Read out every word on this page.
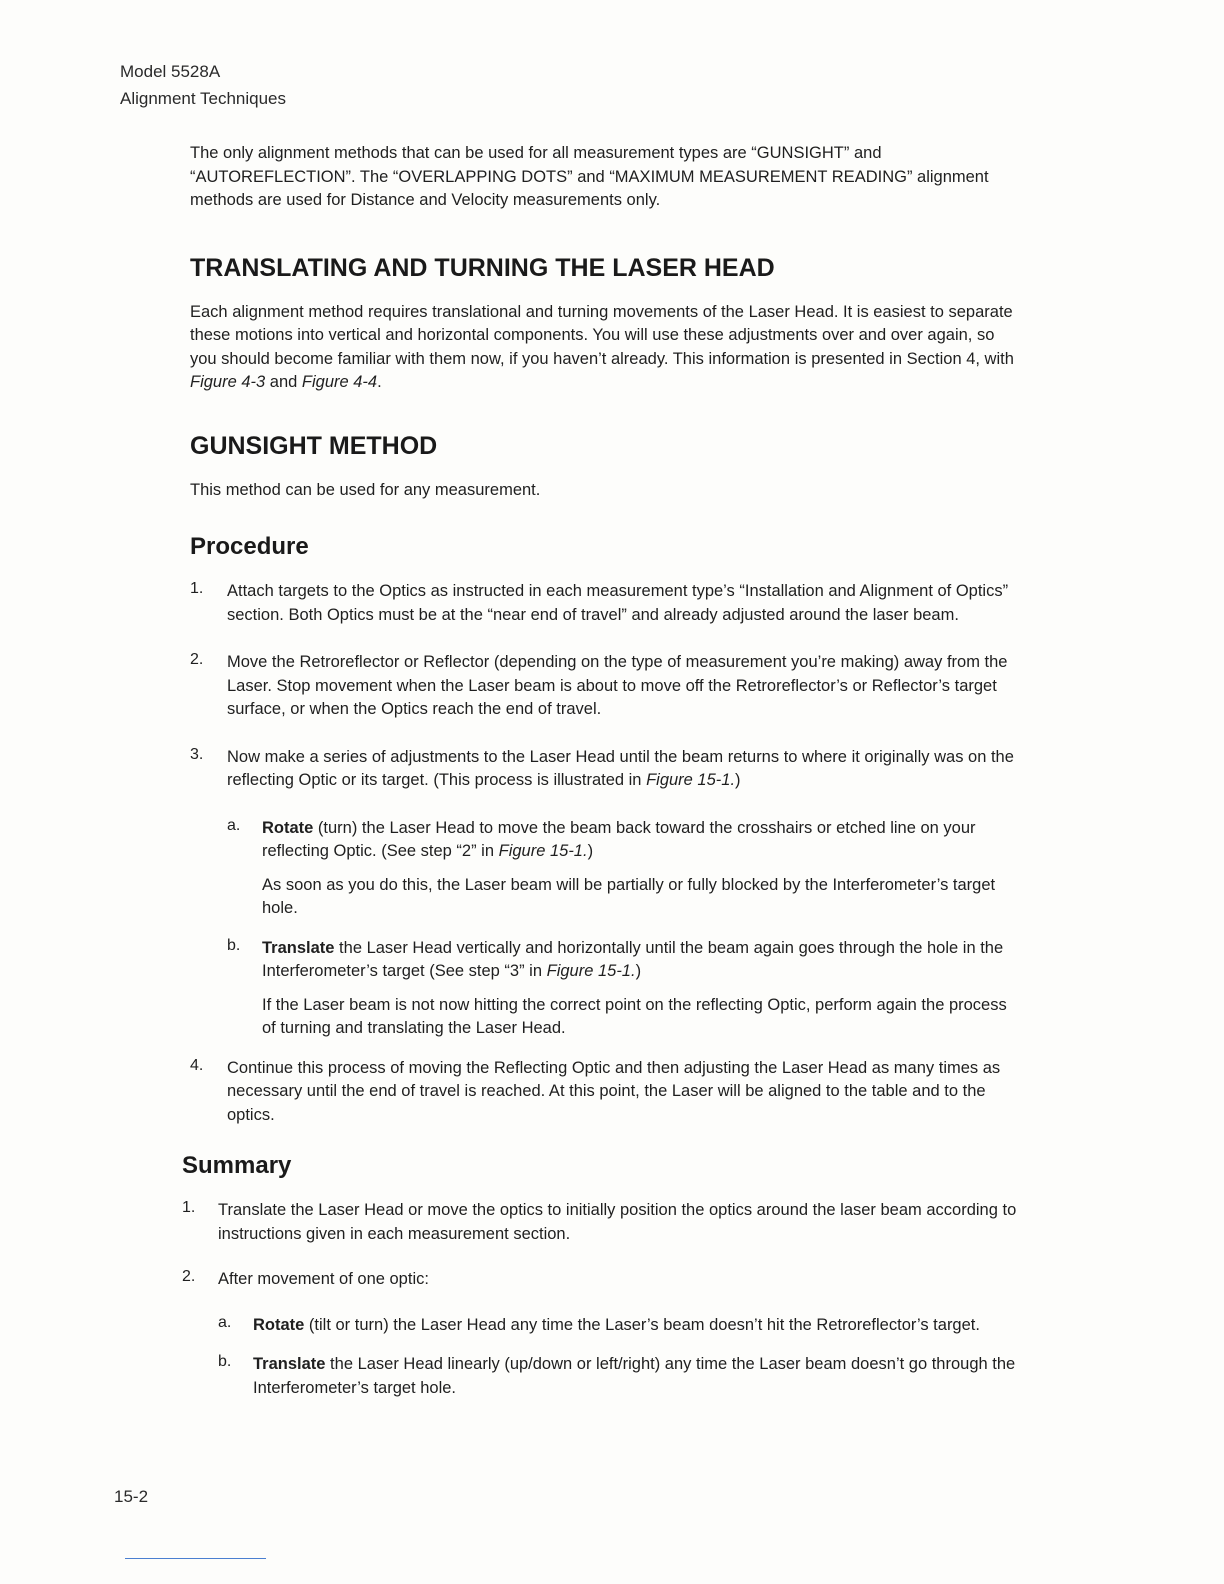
Model 5528A
Alignment Techniques

The only alignment methods that can be used for all measurement types are “GUNSIGHT” and “AUTOREFLECTION”. The “OVERLAPPING DOTS” and “MAXIMUM MEASUREMENT READING” alignment methods are used for Distance and Velocity measurements only.

TRANSLATING AND TURNING THE LASER HEAD

Each alignment method requires translational and turning movements of the Laser Head. It is easiest to separate these motions into vertical and horizontal components. You will use these adjustments over and over again, so you should become familiar with them now, if you haven’t already. This information is presented in Section 4, with Figure 4-3 and Figure 4-4.

GUNSIGHT METHOD

This method can be used for any measurement.

Procedure
1. Attach targets to the Optics as instructed in each measurement type’s “Installation and Alignment of Optics” section. Both Optics must be at the “near end of travel” and already adjusted around the laser beam.

2. Move the Retroreflector or Reflector (depending on the type of measurement you’re making) away from the Laser. Stop movement when the Laser beam is about to move off the Retroreflector’s or Reflector’s target surface, or when the Optics reach the end of travel.

3. Now make a series of adjustments to the Laser Head until the beam returns to where it originally was on the reflecting Optic or its target. (This process is illustrated in Figure 15-1.)

a. Rotate (turn) the Laser Head to move the beam back toward the crosshairs or etched line on your reflecting Optic. (See step “2” in Figure 15-1.)

As soon as you do this, the Laser beam will be partially or fully blocked by the Interferometer’s target hole.

b. Translate the Laser Head vertically and horizontally until the beam again goes through the hole in the Interferometer’s target (See step “3” in Figure 15-1.)

If the Laser beam is not now hitting the correct point on the reflecting Optic, perform again the process of turning and translating the Laser Head.

4. Continue this process of moving the Reflecting Optic and then adjusting the Laser Head as many times as necessary until the end of travel is reached. At this point, the Laser will be aligned to the table and to the optics.

Summary
1. Translate the Laser Head or move the optics to initially position the optics around the laser beam according to instructions given in each measurement section.

2. After movement of one optic:

a. Rotate (tilt or turn) the Laser Head any time the Laser’s beam doesn’t hit the Retroreflector’s target.

b. Translate the Laser Head linearly (up/down or left/right) any time the Laser beam doesn’t go through the Interferometer’s target hole.

15-2
